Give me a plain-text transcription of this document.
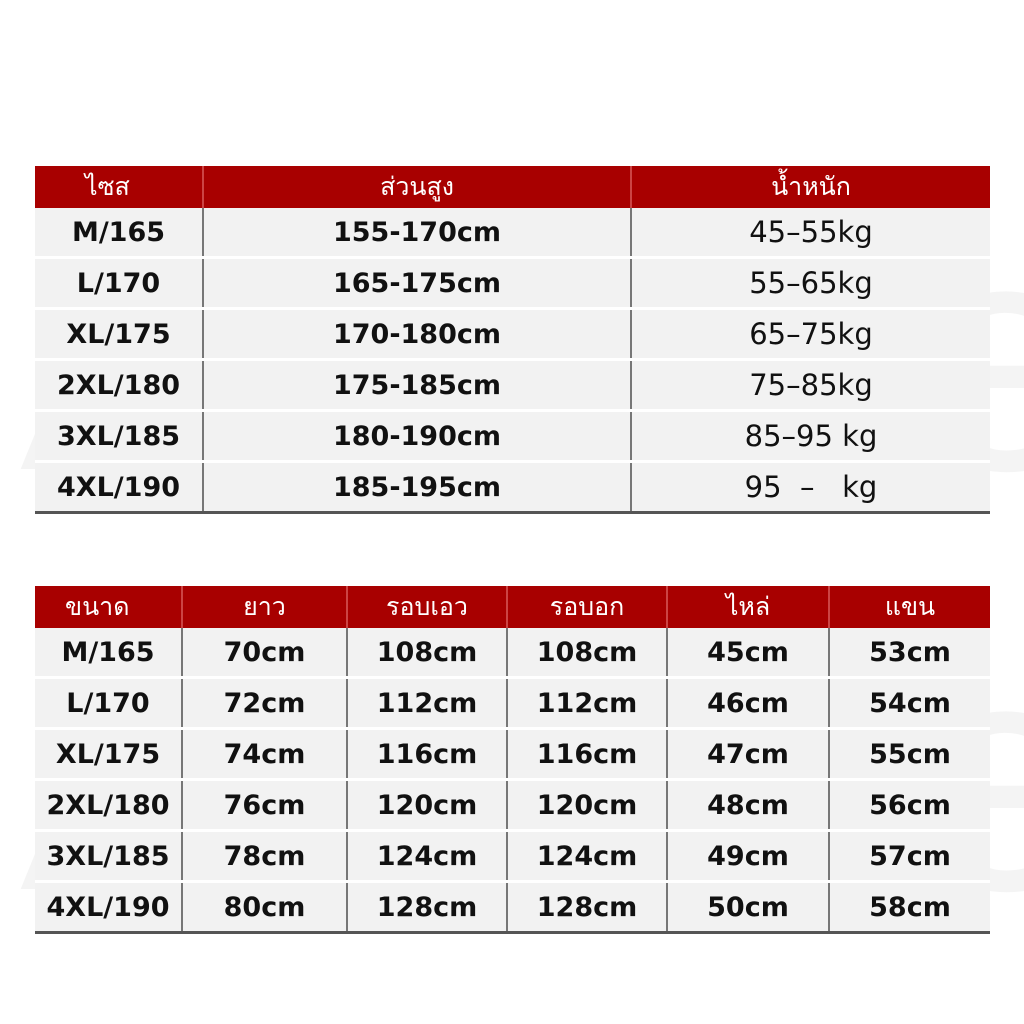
ไซส	ส่วนสูง	น้ำหนัก
M/165	155-170cm	45–55kg
L/170	165-175cm	55–65kg
XL/175	170-180cm	65–75kg
2XL/180	175-185cm	75–85kg
3XL/185	180-190cm	85–95 kg
4XL/190	185-195cm	95  –   kg
ขนาด	ยาว	รอบเอว	รอบอก	ไหล่	แขน
M/165	70cm	108cm	108cm	45cm	53cm
L/170	72cm	112cm	112cm	46cm	54cm
XL/175	74cm	116cm	116cm	47cm	55cm
2XL/180	76cm	120cm	120cm	48cm	56cm
3XL/185	78cm	124cm	124cm	49cm	57cm
4XL/190	80cm	128cm	128cm	50cm	58cm
